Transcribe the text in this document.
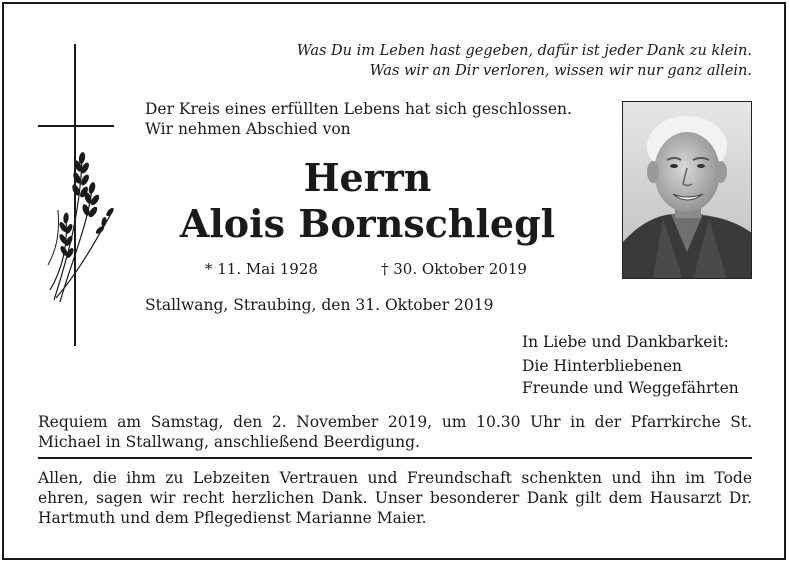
Was Du im Leben hast gegeben, dafür ist jeder Dank zu klein.
Was wir an Dir verloren, wissen wir nur ganz allein.
Der Kreis eines erfüllten Lebens hat sich geschlossen.
Wir nehmen Abschied von
Herrn
Alois Bornschlegl
* 11. Mai 1928	† 30. Oktober 2019
Stallwang, Straubing, den 31. Oktober 2019
In Liebe und Dankbarkeit:
Die Hinterbliebenen
Freunde und Weggefährten
Requiem am Samstag, den 2. November 2019, um 10.30 Uhr in der Pfarrkirche St. Michael in Stallwang, anschließend Beerdigung.
Allen, die ihm zu Lebzeiten Vertrauen und Freundschaft schenkten und ihn im Tode ehren, sagen wir recht herzlichen Dank. Unser besonderer Dank gilt dem Hausarzt Dr. Hartmuth und dem Pflegedienst Marianne Maier.
